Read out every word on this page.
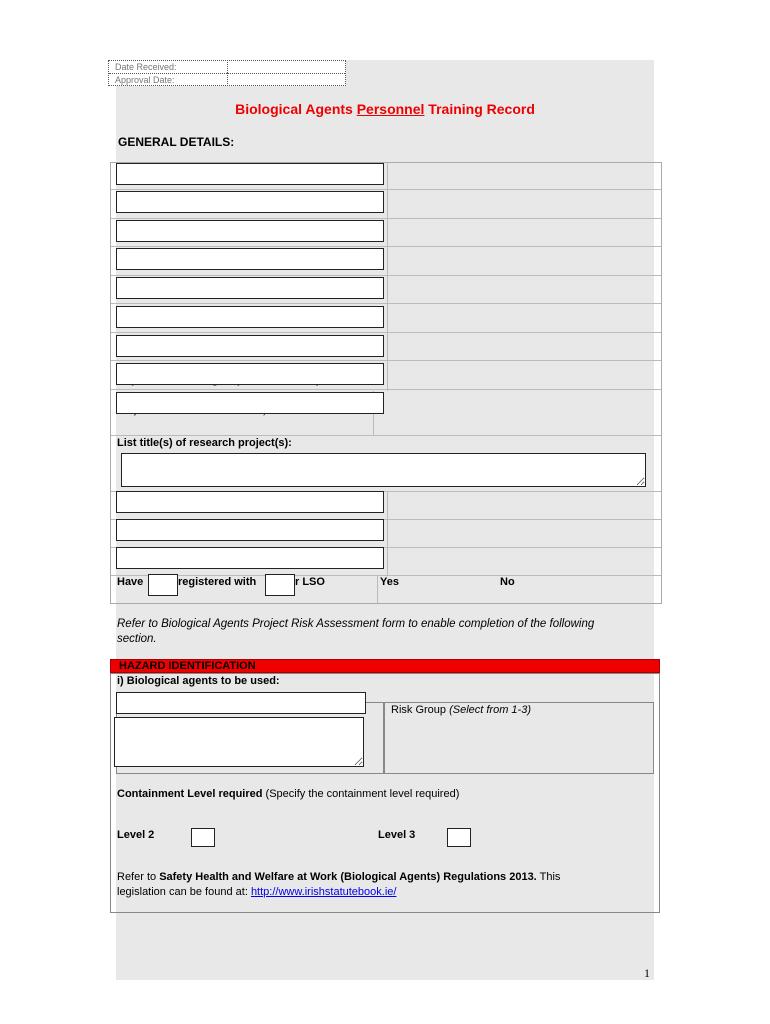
Date Received:
Approval Date:
Biological Agents Personnel Training Record
GENERAL DETAILS:
List title(s) of research project(s):
Have	registered with	r LSO	Yes	No
Refer to Biological Agents Project Risk Assessment form to enable completion of the following section.
HAZARD IDENTIFICATION
i) Biological agents to be used:
Risk Group (Select from 1-3)
Containment Level required (Specify the containment level required)
Level 2	Level 3
Refer to Safety Health and Welfare at Work (Biological Agents) Regulations 2013. This
legislation can be found at: http://www.irishstatutebook.ie/
1
